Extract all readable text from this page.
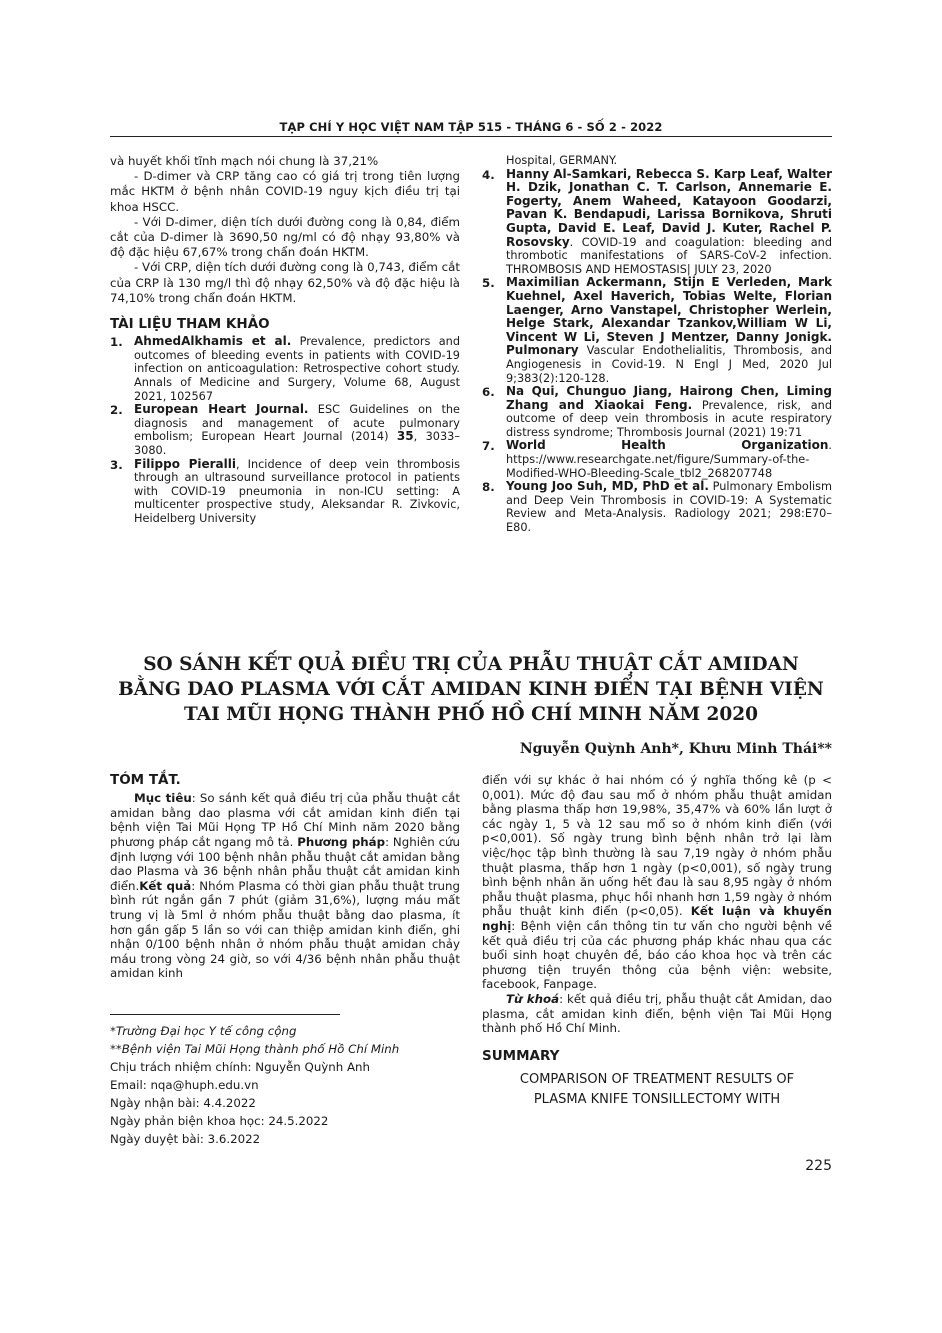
TẠP CHÍ Y HỌC VIỆT NAM TẬP 515 - THÁNG 6 - SỐ 2 - 2022

và huyết khối tĩnh mạch nói chung là 37,21%

- D-dimer và CRP tăng cao có giá trị trong tiên lượng mắc HKTM ở bệnh nhân COVID-19 nguy kịch điều trị tại khoa HSCC.

- Với D-dimer, diện tích dưới đường cong là 0,84, điểm cắt của D-dimer là 3690,50 ng/ml có độ nhạy 93,80% và độ đặc hiệu 67,67% trong chẩn đoán HKTM.

- Với CRP, diện tích dưới đường cong là 0,743, điểm cắt của CRP là 130 mg/l thì độ nhạy 62,50% và độ đặc hiệu là 74,10% trong chẩn đoán HKTM.

TÀI LIỆU THAM KHẢO
1. AhmedAlkhamis et al. Prevalence, predictors and outcomes of bleeding events in patients with COVID-19 infection on anticoagulation: Retrospective cohort study. Annals of Medicine and Surgery, Volume 68, August 2021, 102567
2. European Heart Journal. ESC Guidelines on the diagnosis and management of acute pulmonary embolism; European Heart Journal (2014) 35, 3033–3080.
3. Filippo Pieralli, Incidence of deep vein thrombosis through an ultrasound surveillance protocol in patients with COVID-19 pneumonia in non-ICU setting: A multicenter prospective study, Aleksandar R. Zivkovic, Heidelberg University
Hospital, GERMANY.
4. Hanny Al-Samkari, Rebecca S. Karp Leaf, Walter H. Dzik, Jonathan C. T. Carlson, Annemarie E. Fogerty, Anem Waheed, Katayoon Goodarzi, Pavan K. Bendapudi, Larissa Bornikova, Shruti Gupta, David E. Leaf, David J. Kuter, Rachel P. Rosovsky. COVID-19 and coagulation: bleeding and thrombotic manifestations of SARS-CoV-2 infection. THROMBOSIS AND HEMOSTASIS| JULY 23, 2020
5. Maximilian Ackermann, Stijn E Verleden, Mark Kuehnel, Axel Haverich, Tobias Welte, Florian Laenger, Arno Vanstapel, Christopher Werlein, Helge Stark, Alexandar Tzankov,William W Li, Vincent W Li, Steven J Mentzer, Danny Jonigk. Pulmonary Vascular Endothelialitis, Thrombosis, and Angiogenesis in Covid-19. N Engl J Med, 2020 Jul 9;383(2):120-128.
6. Na Qui, Chunguo Jiang, Hairong Chen, Liming Zhang and Xiaokai Feng. Prevalence, risk, and outcome of deep vein thrombosis in acute respiratory distress syndrome; Thrombosis Journal (2021) 19:71
7. World Health Organization. https://www.researchgate.net/figure/Summary-of-the-Modified-WHO-Bleeding-Scale_tbl2_268207748
8. Young Joo Suh, MD, PhD et al. Pulmonary Embolism and Deep Vein Thrombosis in COVID-19: A Systematic Review and Meta-Analysis. Radiology 2021; 298:E70–E80.
SO SÁNH KẾT QUẢ ĐIỀU TRỊ CỦA PHẪU THUẬT CẮT AMIDAN
BẰNG DAO PLASMA VỚI CẮT AMIDAN KINH ĐIỂN TẠI BỆNH VIỆN
TAI MŨI HỌNG THÀNH PHỐ HỒ CHÍ MINH NĂM 2020
Nguyễn Quỳnh Anh*, Khưu Minh Thái**
TÓM TẮT.

Mục tiêu: So sánh kết quả điều trị của phẫu thuật cắt amidan bằng dao plasma với cắt amidan kinh điển tại bệnh viện Tai Mũi Họng TP Hồ Chí Minh năm 2020 bằng phương pháp cắt ngang mô tả. Phương pháp: Nghiên cứu định lượng với 100 bệnh nhân phẫu thuật cắt amidan bằng dao Plasma và 36 bệnh nhân phẫu thuật cắt amidan kinh điển.Kết quả: Nhóm Plasma có thời gian phẫu thuật trung bình rút ngắn gần 7 phút (giảm 31,6%), lượng máu mất trung vị là 5ml ở nhóm phẫu thuật bằng dao plasma, ít hơn gần gấp 5 lần so với can thiệp amidan kinh điển, ghi nhận 0/100 bệnh nhân ở nhóm phẫu thuật amidan chảy máu trong vòng 24 giờ, so với 4/36 bệnh nhân phẫu thuật amidan kinh

*Trường Đại học Y tế công cộng
**Bệnh viện Tai Mũi Họng thành phố Hồ Chí Minh
Chịu trách nhiệm chính: Nguyễn Quỳnh Anh
Email: nqa@huph.edu.vn
Ngày nhận bài: 4.4.2022
Ngày phản biện khoa học: 24.5.2022
Ngày duyệt bài: 3.6.2022

điển với sự khác ở hai nhóm có ý nghĩa thống kê (p < 0,001). Mức độ đau sau mổ ở nhóm phẫu thuật amidan bằng plasma thấp hơn 19,98%, 35,47% và 60% lần lượt ở các ngày 1, 5 và 12 sau mổ so ở nhóm kinh điển (với p<0,001). Số ngày trung bình bệnh nhân trở lại làm việc/học tập bình thường là sau 7,19 ngày ở nhóm phẫu thuật plasma, thấp hơn 1 ngày (p<0,001), số ngày trung bình bệnh nhân ăn uống hết đau là sau 8,95 ngày ở nhóm phẫu thuật plasma, phục hồi nhanh hơn 1,59 ngày ở nhóm phẫu thuật kinh điển (p<0,05). Kết luận và khuyến nghị: Bệnh viện cần thông tin tư vấn cho người bệnh về kết quả điều trị của các phương pháp khác nhau qua các buổi sinh hoạt chuyên đề, báo cáo khoa học và trên các phương tiện truyền thông của bệnh viện: website, facebook, Fanpage.

Từ khoá: kết quả điều trị, phẫu thuật cắt Amidan, dao plasma, cắt amidan kinh điển, bệnh viện Tai Mũi Họng thành phố Hồ Chí Minh.

SUMMARY
COMPARISON OF TREATMENT RESULTS OF
PLASMA KNIFE TONSILLECTOMY WITH
225
